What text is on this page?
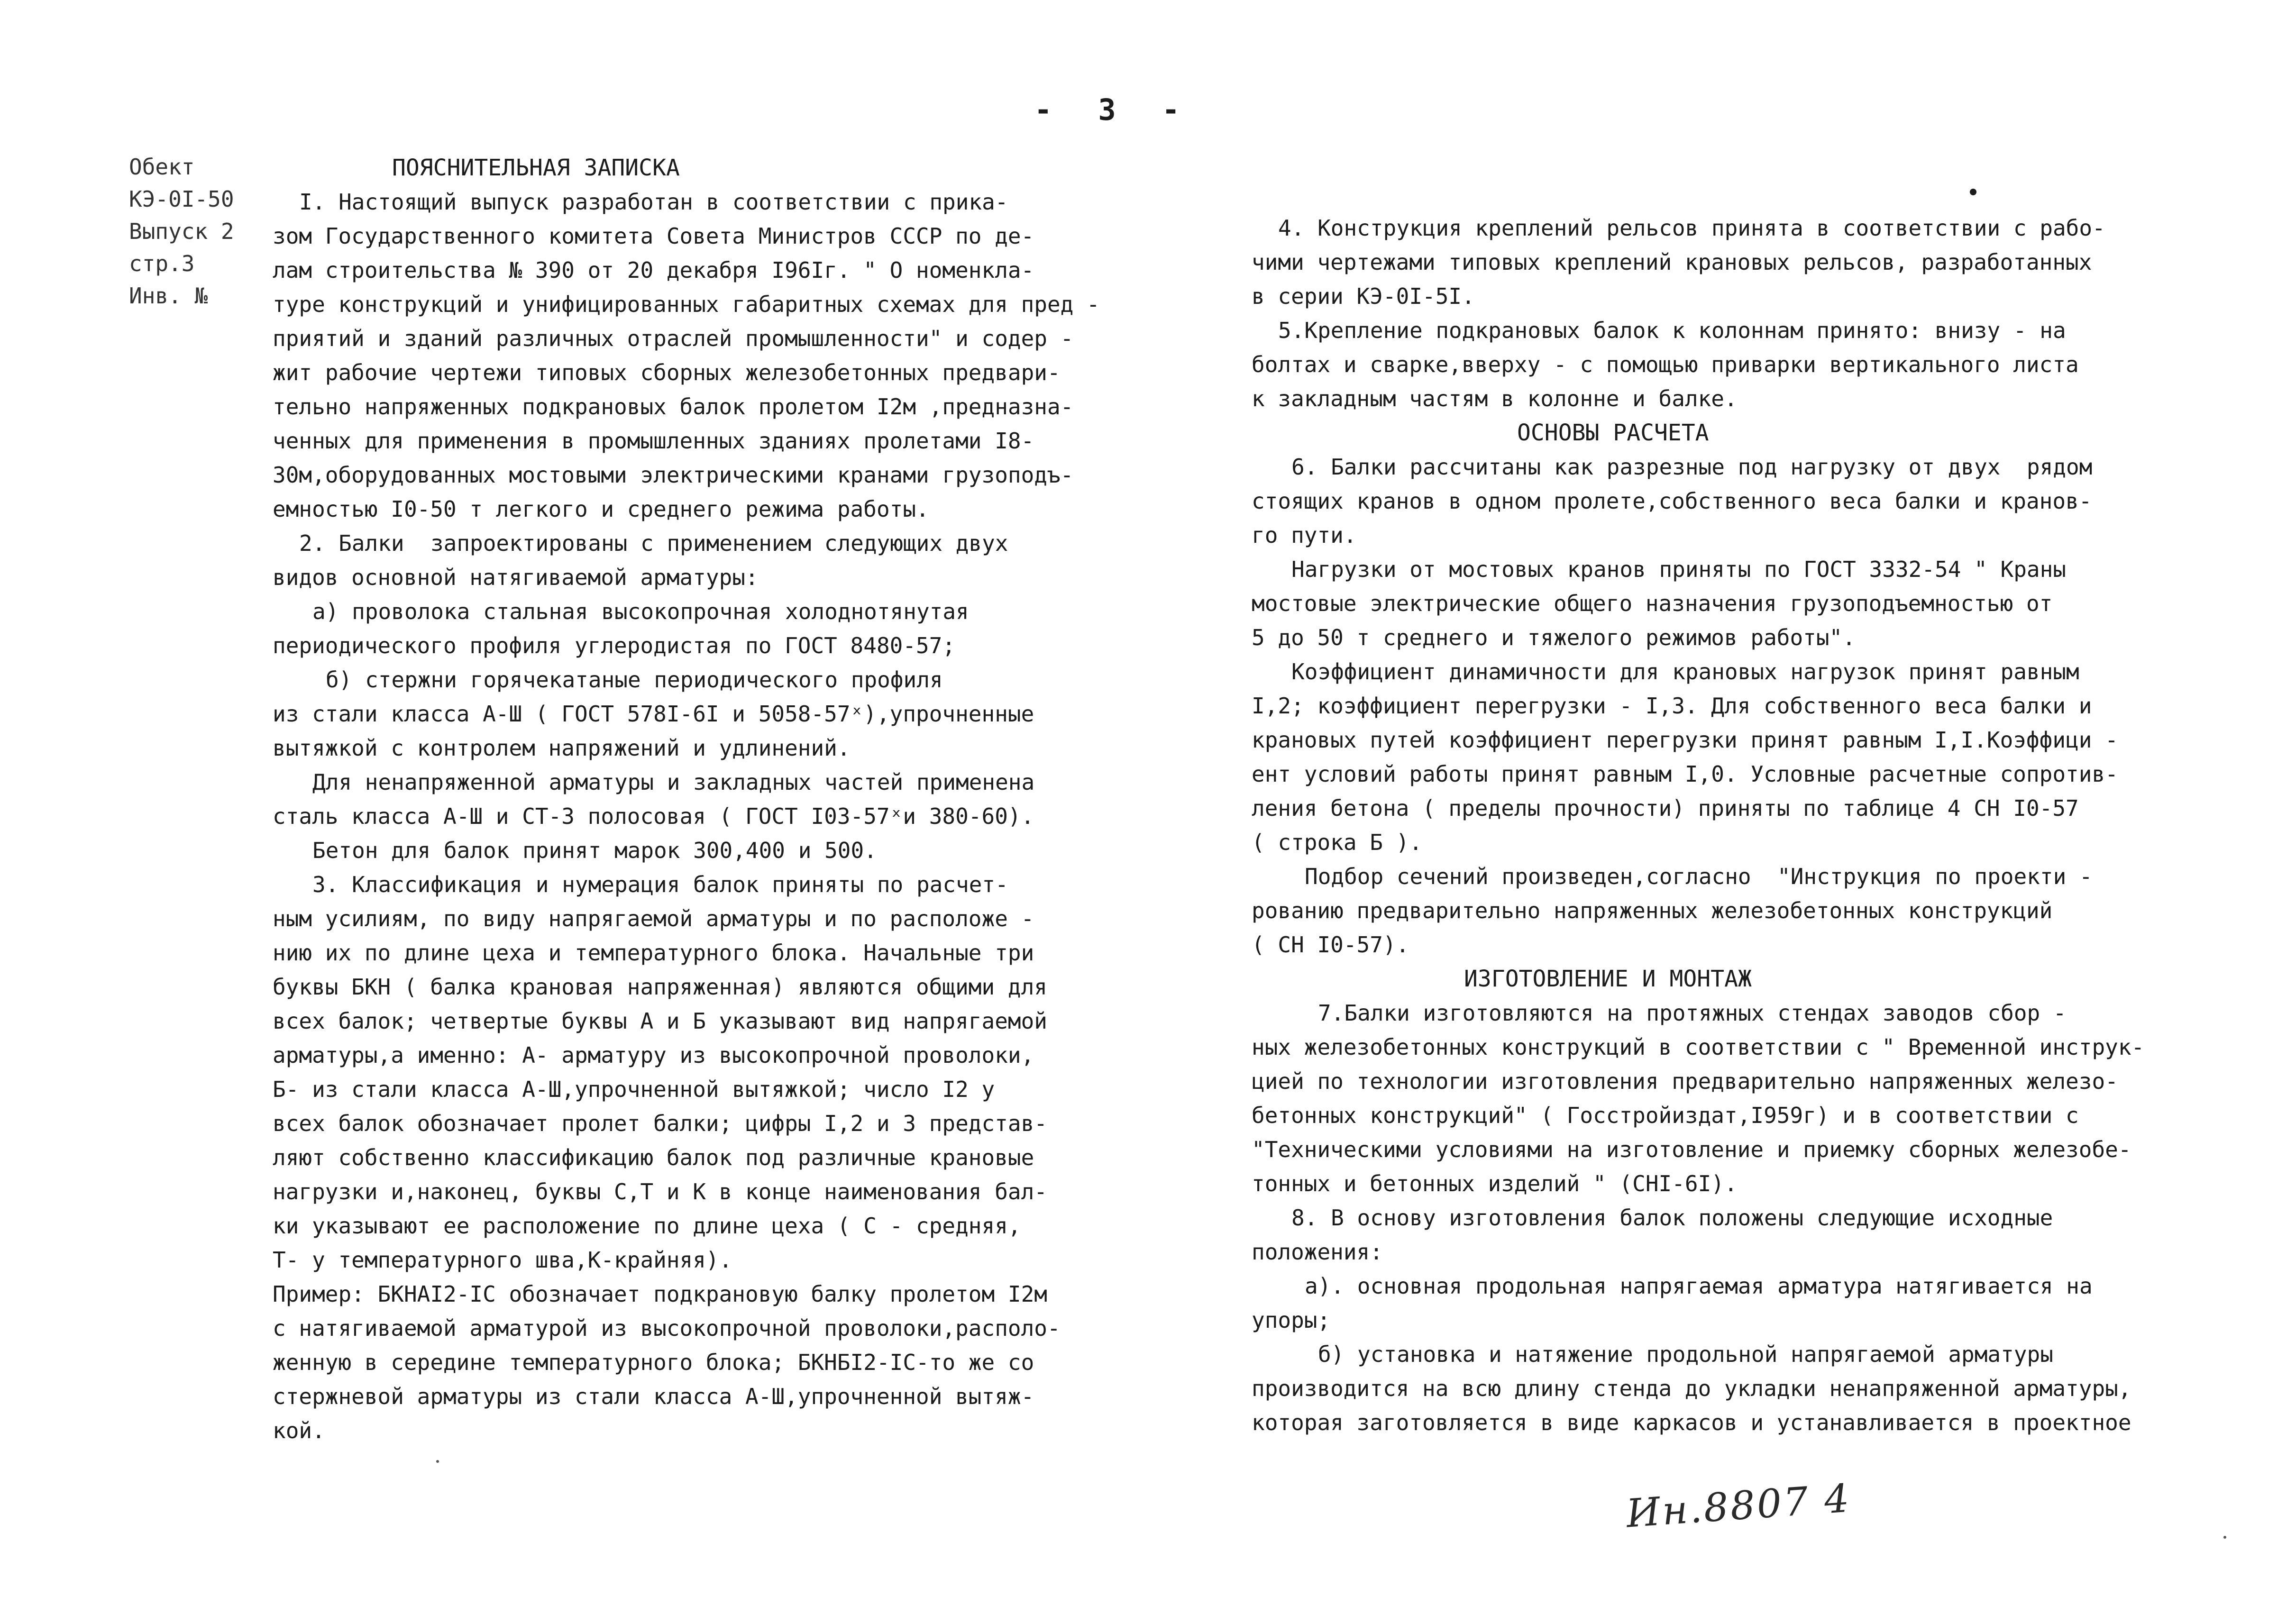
- 3 -
Обект
КЭ-0I-50
Выпуск 2
стр.3
Инв. №
ПОЯСНИТЕЛЬНАЯ ЗАПИСКА
I. Настоящий выпуск разработан в соответствии с прика-
зом Государственного комитета Совета Министров СССР по де-
лам строительства № 390 от 20 декабря I96Iг. " О номенкла-
туре конструкций и унифицированных габаритных схемах для пред -
приятий и зданий различных отраслей промышленности" и содер -
жит рабочие чертежи типовых сборных железобетонных предвари-
тельно напряженных подкрановых балок пролетом I2м ,предназна-
ченных для применения в промышленных зданиях пролетами I8-
30м,оборудованных мостовыми электрическими кранами грузоподъ-
емностью I0-50 т легкого и среднего режима работы.
2. Балки  запроектированы с применением следующих двух
видов основной натягиваемой арматуры:
а) проволока стальная высокопрочная холоднотянутая
периодического профиля углеродистая по ГОСТ 8480-57;
б) стержни горячекатаные периодического профиля
из стали класса А-Ш ( ГОСТ 578I-6I и 5058-57ˣ),упрочненные
вытяжкой с контролем напряжений и удлинений.
Для ненапряженной арматуры и закладных частей применена
сталь класса А-Ш и СТ-3 полосовая ( ГОСТ I03-57ˣи 380-60).
Бетон для балок принят марок 300,400 и 500.
3. Классификация и нумерация балок приняты по расчет-
ным усилиям, по виду напрягаемой арматуры и по расположе -
нию их по длине цеха и температурного блока. Начальные три
буквы БКН ( балка крановая напряженная) являются общими для
всех балок; четвертые буквы А и Б указывают вид напрягаемой
арматуры,а именно: А- арматуру из высокопрочной проволоки,
Б- из стали класса А-Ш,упрочненной вытяжкой; число I2 у
всех балок обозначает пролет балки; цифры I,2 и 3 представ-
ляют собственно классификацию балок под различные крановые
нагрузки и,наконец, буквы С,Т и К в конце наименования бал-
ки указывают ее расположение по длине цеха ( С - средняя,
Т- у температурного шва,К-крайняя).
Пример: БКНАI2-IС обозначает подкрановую балку пролетом I2м
с натягиваемой арматурой из высокопрочной проволоки,располо-
женную в середине температурного блока; БКНБI2-IС-то же со
стержневой арматуры из стали класса А-Ш,упрочненной вытяж-
кой.
4. Конструкция креплений рельсов принята в соответствии с рабо-
чими чертежами типовых креплений крановых рельсов, разработанных
в серии КЭ-0I-5I.
5.Крепление подкрановых балок к колоннам принято: внизу - на
болтах и сварке,вверху - с помощью приварки вертикального листа
к закладным частям в колонне и балке.
ОСНОВЫ РАСЧЕТА
6. Балки рассчитаны как разрезные под нагрузку от двух  рядом
стоящих кранов в одном пролете,собственного веса балки и кранов-
го пути.
Нагрузки от мостовых кранов приняты по ГОСТ 3332-54 " Краны
мостовые электрические общего назначения грузоподъемностью от
5 до 50 т среднего и тяжелого режимов работы".
Коэффициент динамичности для крановых нагрузок принят равным
I,2; коэффициент перегрузки - I,3. Для собственного веса балки и
крановых путей коэффициент перегрузки принят равным I,I.Коэффици -
ент условий работы принят равным I,0. Условные расчетные сопротив-
ления бетона ( пределы прочности) приняты по таблице 4 СН I0-57
( строка Б ).
Подбор сечений произведен,согласно  "Инструкция по проекти -
рованию предварительно напряженных железобетонных конструкций
( СН I0-57).
ИЗГОТОВЛЕНИЕ И МОНТАЖ
7.Балки изготовляются на протяжных стендах заводов сбор -
ных железобетонных конструкций в соответствии с " Временной инструк-
цией по технологии изготовления предварительно напряженных железо-
бетонных конструкций" ( Госстройиздат,I959г) и в соответствии с
"Техническими условиями на изготовление и приемку сборных железобе-
тонных и бетонных изделий " (СНI-6I).
8. В основу изготовления балок положены следующие исходные
положения:
а). основная продольная напрягаемая арматура натягивается на
упоры;
б) установка и натяжение продольной напрягаемой арматуры
производится на всю длину стенда до укладки ненапряженной арматуры,
которая заготовляется в виде каркасов и устанавливается в проектное
Ин.8807 4
